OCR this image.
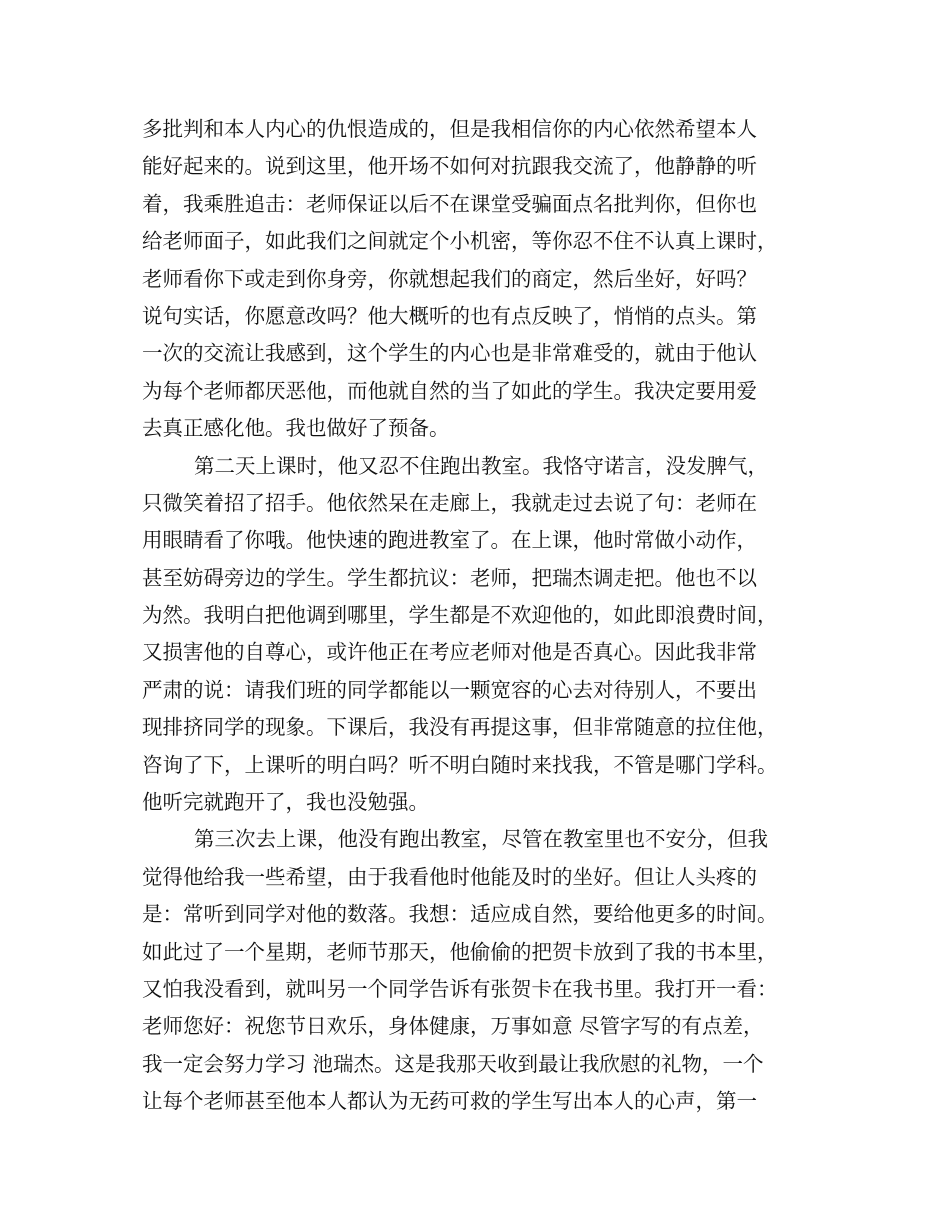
多批判和本人内心的仇恨造成的，但是我相信你的内心依然希望本人
能好起来的。说到这里，他开场不如何对抗跟我交流了，他静静的听
着，我乘胜追击：老师保证以后不在课堂受骗面点名批判你，但你也
给老师面子，如此我们之间就定个小机密，等你忍不住不认真上课时，
老师看你下或走到你身旁，你就想起我们的商定，然后坐好，好吗？
说句实话，你愿意改吗？他大概听的也有点反映了，悄悄的点头。第
一次的交流让我感到，这个学生的内心也是非常难受的，就由于他认
为每个老师都厌恶他，而他就自然的当了如此的学生。我决定要用爱
去真正感化他。我也做好了预备。
第二天上课时，他又忍不住跑出教室。我恪守诺言，没发脾气，
只微笑着招了招手。他依然呆在走廊上，我就走过去说了句：老师在
用眼睛看了你哦。他快速的跑进教室了。在上课，他时常做小动作，
甚至妨碍旁边的学生。学生都抗议：老师，把瑞杰调走把。他也不以
为然。我明白把他调到哪里，学生都是不欢迎他的，如此即浪费时间，
又损害他的自尊心，或许他正在考应老师对他是否真心。因此我非常
严肃的说：请我们班的同学都能以一颗宽容的心去对待别人，不要出
现排挤同学的现象。下课后，我没有再提这事，但非常随意的拉住他，
咨询了下，上课听的明白吗？听不明白随时来找我，不管是哪门学科。
他听完就跑开了，我也没勉强。
第三次去上课，他没有跑出教室，尽管在教室里也不安分，但我
觉得他给我一些希望，由于我看他时他能及时的坐好。但让人头疼的
是：常听到同学对他的数落。我想：适应成自然，要给他更多的时间。
如此过了一个星期，老师节那天，他偷偷的把贺卡放到了我的书本里，
又怕我没看到，就叫另一个同学告诉有张贺卡在我书里。我打开一看：
老师您好：祝您节日欢乐，身体健康，万事如意 尽管字写的有点差，
我一定会努力学习 池瑞杰。这是我那天收到最让我欣慰的礼物，一个
让每个老师甚至他本人都认为无药可救的学生写出本人的心声，第一
